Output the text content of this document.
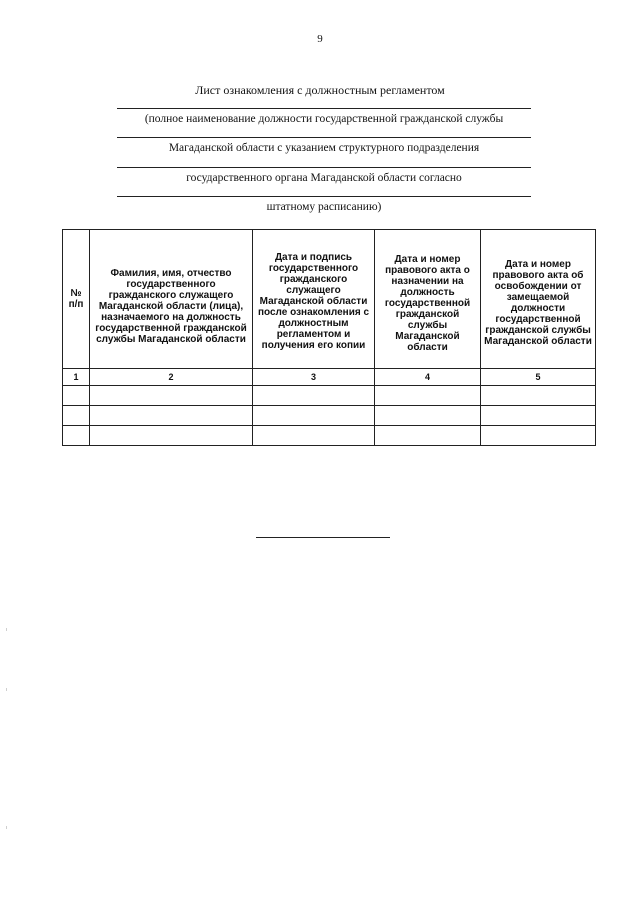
9
Лист ознакомления с должностным регламентом
(полное наименование должности государственной гражданской службы
Магаданской области с указанием структурного подразделения
государственного органа Магаданской области согласно
штатному расписанию)
№ п/п	Фамилия, имя, отчество государственного гражданского служащего Магаданской области (лица), назначаемого на должность государственной гражданской службы Магаданской области	Дата и подпись государственного гражданского служащего Магаданской области после ознакомления с должностным регламентом и получения его копии	Дата и номер правового акта о назначении на должность государственной гражданской службы Магаданской области	Дата и номер правового акта об освобождении от замещаемой должности государственной гражданской службы Магаданской области

1	2	3	4	5
